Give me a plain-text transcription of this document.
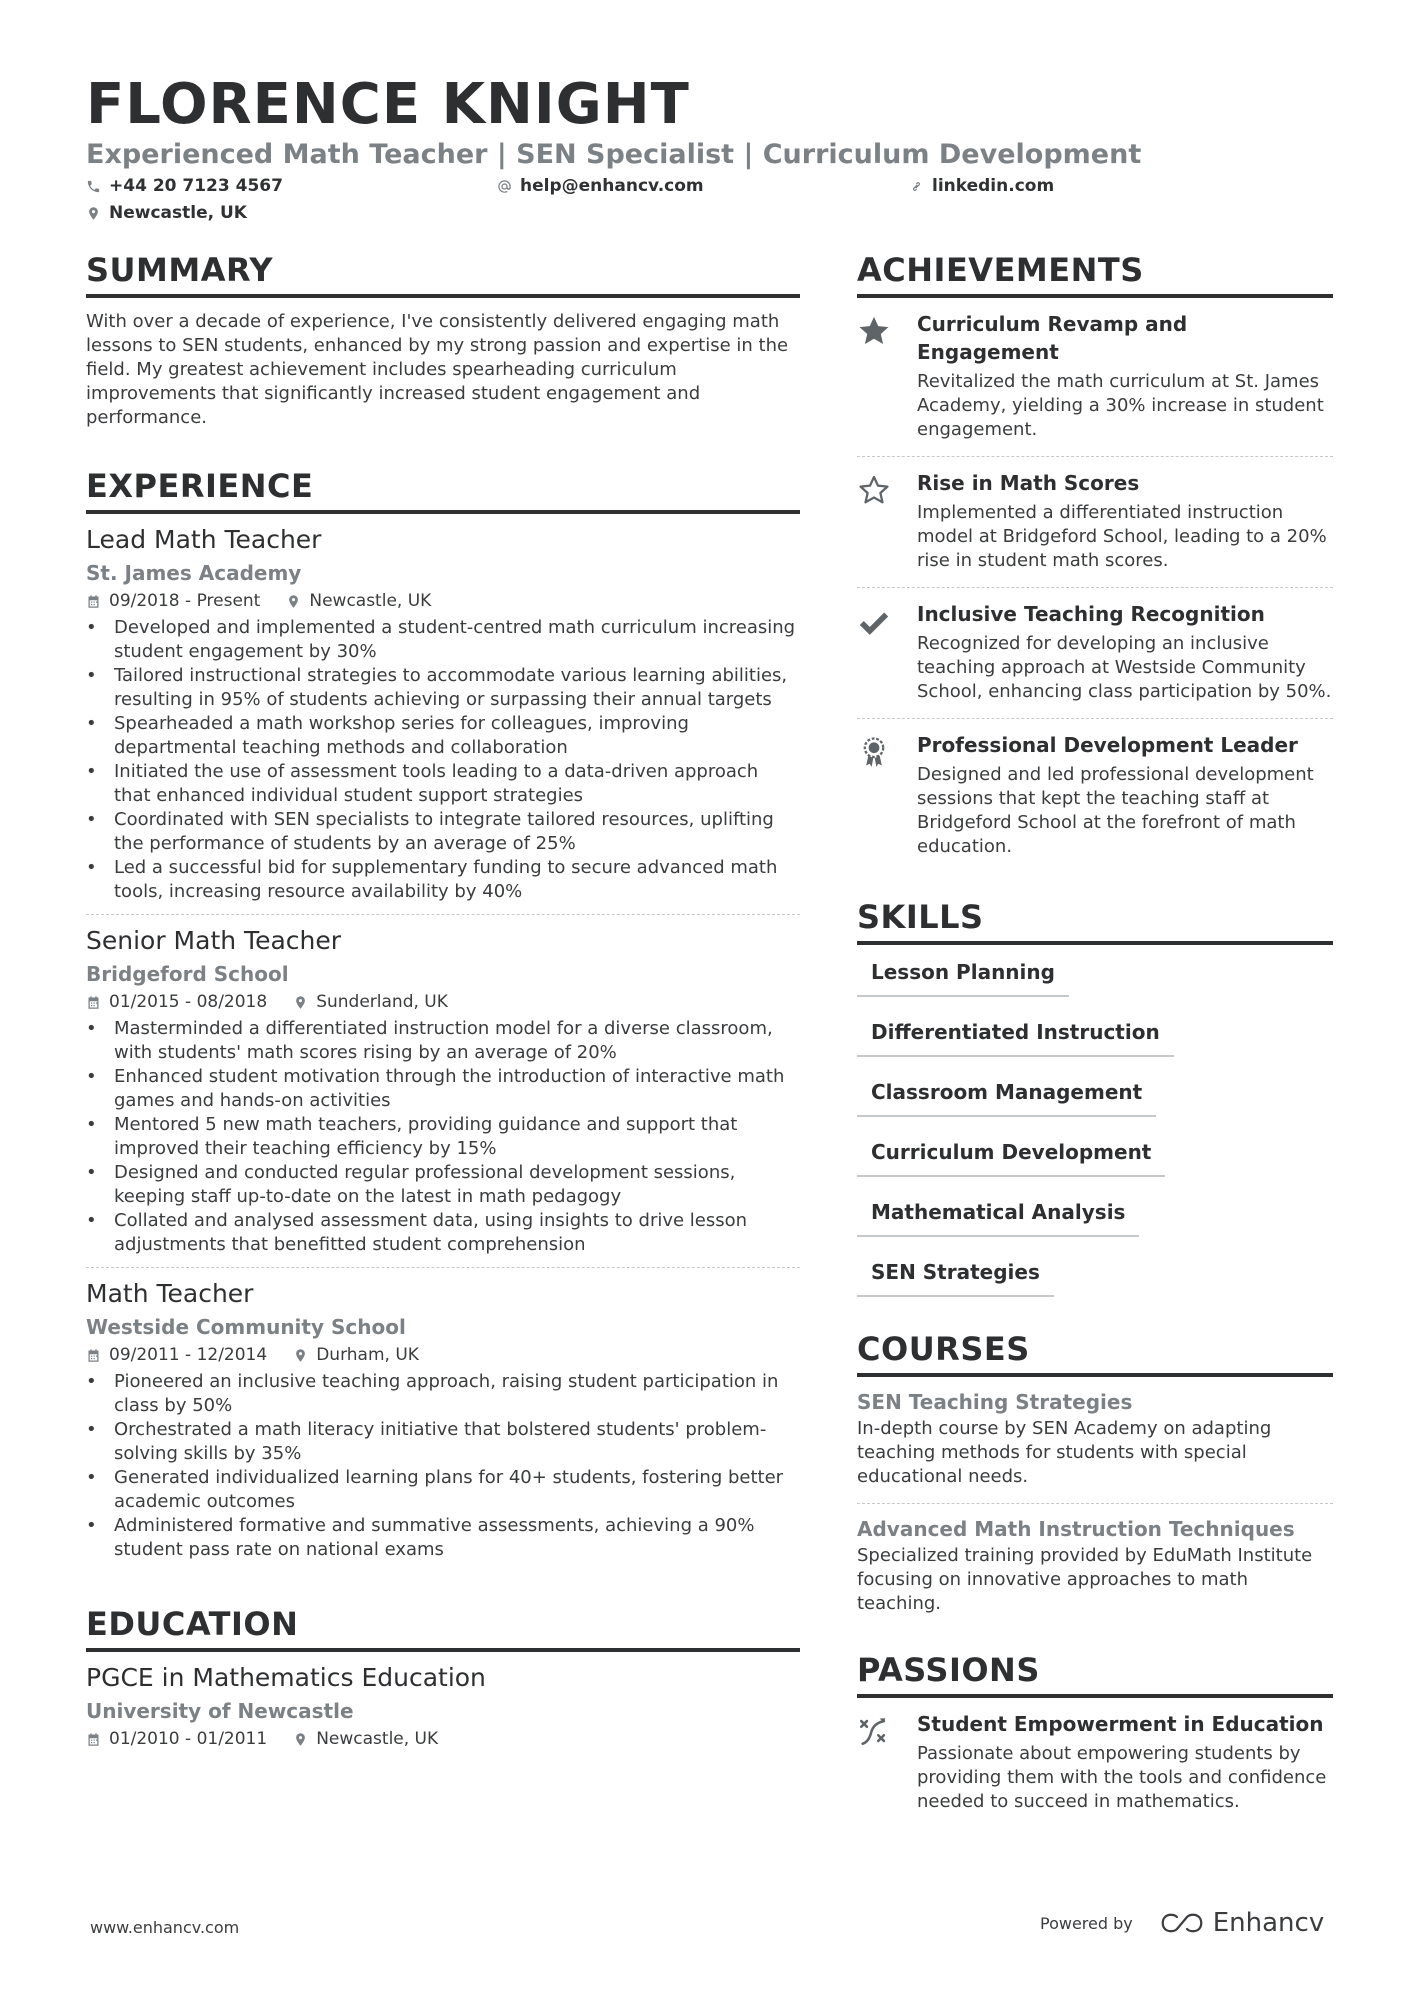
FLORENCE KNIGHT
Experienced Math Teacher | SEN Specialist | Curriculum Development
+44 20 7123 4567	help@enhancv.com	linkedin.com
Newcastle, UK
SUMMARY
With over a decade of experience, I've consistently delivered engaging math lessons to SEN students, enhanced by my strong passion and expertise in the field. My greatest achievement includes spearheading curriculum improvements that significantly increased student engagement and performance.
EXPERIENCE
Lead Math Teacher
St. James Academy
09/2018 - Present	Newcastle, UK
• Developed and implemented a student-centred math curriculum increasing student engagement by 30%
• Tailored instructional strategies to accommodate various learning abilities, resulting in 95% of students achieving or surpassing their annual targets
• Spearheaded a math workshop series for colleagues, improving departmental teaching methods and collaboration
• Initiated the use of assessment tools leading to a data-driven approach that enhanced individual student support strategies
• Coordinated with SEN specialists to integrate tailored resources, uplifting the performance of students by an average of 25%
• Led a successful bid for supplementary funding to secure advanced math tools, increasing resource availability by 40%
Senior Math Teacher
Bridgeford School
01/2015 - 08/2018	Sunderland, UK
• Masterminded a differentiated instruction model for a diverse classroom, with students' math scores rising by an average of 20%
• Enhanced student motivation through the introduction of interactive math games and hands-on activities
• Mentored 5 new math teachers, providing guidance and support that improved their teaching efficiency by 15%
• Designed and conducted regular professional development sessions, keeping staff up-to-date on the latest in math pedagogy
• Collated and analysed assessment data, using insights to drive lesson adjustments that benefitted student comprehension
Math Teacher
Westside Community School
09/2011 - 12/2014	Durham, UK
• Pioneered an inclusive teaching approach, raising student participation in class by 50%
• Orchestrated a math literacy initiative that bolstered students' problem-solving skills by 35%
• Generated individualized learning plans for 40+ students, fostering better academic outcomes
• Administered formative and summative assessments, achieving a 90% student pass rate on national exams
EDUCATION
PGCE in Mathematics Education
University of Newcastle
01/2010 - 01/2011	Newcastle, UK
ACHIEVEMENTS
Curriculum Revamp and Engagement
Revitalized the math curriculum at St. James Academy, yielding a 30% increase in student engagement.
Rise in Math Scores
Implemented a differentiated instruction model at Bridgeford School, leading to a 20% rise in student math scores.
Inclusive Teaching Recognition
Recognized for developing an inclusive teaching approach at Westside Community School, enhancing class participation by 50%.
Professional Development Leader
Designed and led professional development sessions that kept the teaching staff at Bridgeford School at the forefront of math education.
SKILLS
Lesson Planning
Differentiated Instruction
Classroom Management
Curriculum Development
Mathematical Analysis
SEN Strategies
COURSES
SEN Teaching Strategies
In-depth course by SEN Academy on adapting teaching methods for students with special educational needs.
Advanced Math Instruction Techniques
Specialized training provided by EduMath Institute focusing on innovative approaches to math teaching.
PASSIONS
Student Empowerment in Education
Passionate about empowering students by providing them with the tools and confidence needed to succeed in mathematics.
www.enhancv.com	Powered by	Enhancv
